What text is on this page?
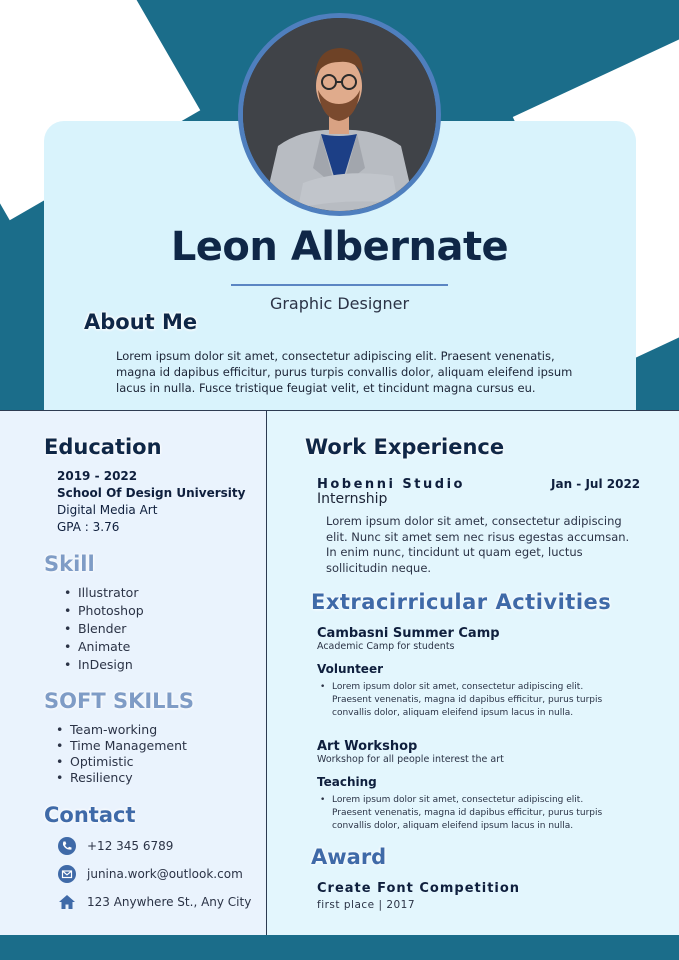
Leon Albernate
Graphic Designer
About Me
Lorem ipsum dolor sit amet, consectetur adipiscing elit. Praesent venenatis, magna id dapibus efficitur, purus turpis convallis dolor, aliquam eleifend ipsum lacus in nulla. Fusce tristique feugiat velit, et tincidunt magna cursus eu.
Education
2019 - 2022
School Of Design University
Digital Media Art
GPA : 3.76
Skill
• Illustrator
• Photoshop
• Blender
• Animate
• InDesign
SOFT SKILLS
• Team-working
• Time Management
• Optimistic
• Resiliency
Contact
+12 345 6789
junina.work@outlook.com
123 Anywhere St., Any City
Work Experience
Hobenni Studio	Jan - Jul 2022
Internship
Lorem ipsum dolor sit amet, consectetur adipiscing elit. Nunc sit amet sem nec risus egestas accumsan. In enim nunc, tincidunt ut quam eget, luctus sollicitudin neque.
Extracirricular Activities
Cambasni Summer Camp
Academic Camp for students
Volunteer
• Lorem ipsum dolor sit amet, consectetur adipiscing elit. Praesent venenatis, magna id dapibus efficitur, purus turpis convallis dolor, aliquam eleifend ipsum lacus in nulla.
Art Workshop
Workshop for all people interest the art
Teaching
• Lorem ipsum dolor sit amet, consectetur adipiscing elit. Praesent venenatis, magna id dapibus efficitur, purus turpis convallis dolor, aliquam eleifend ipsum lacus in nulla.
Award
Create Font Competition
first place | 2017
